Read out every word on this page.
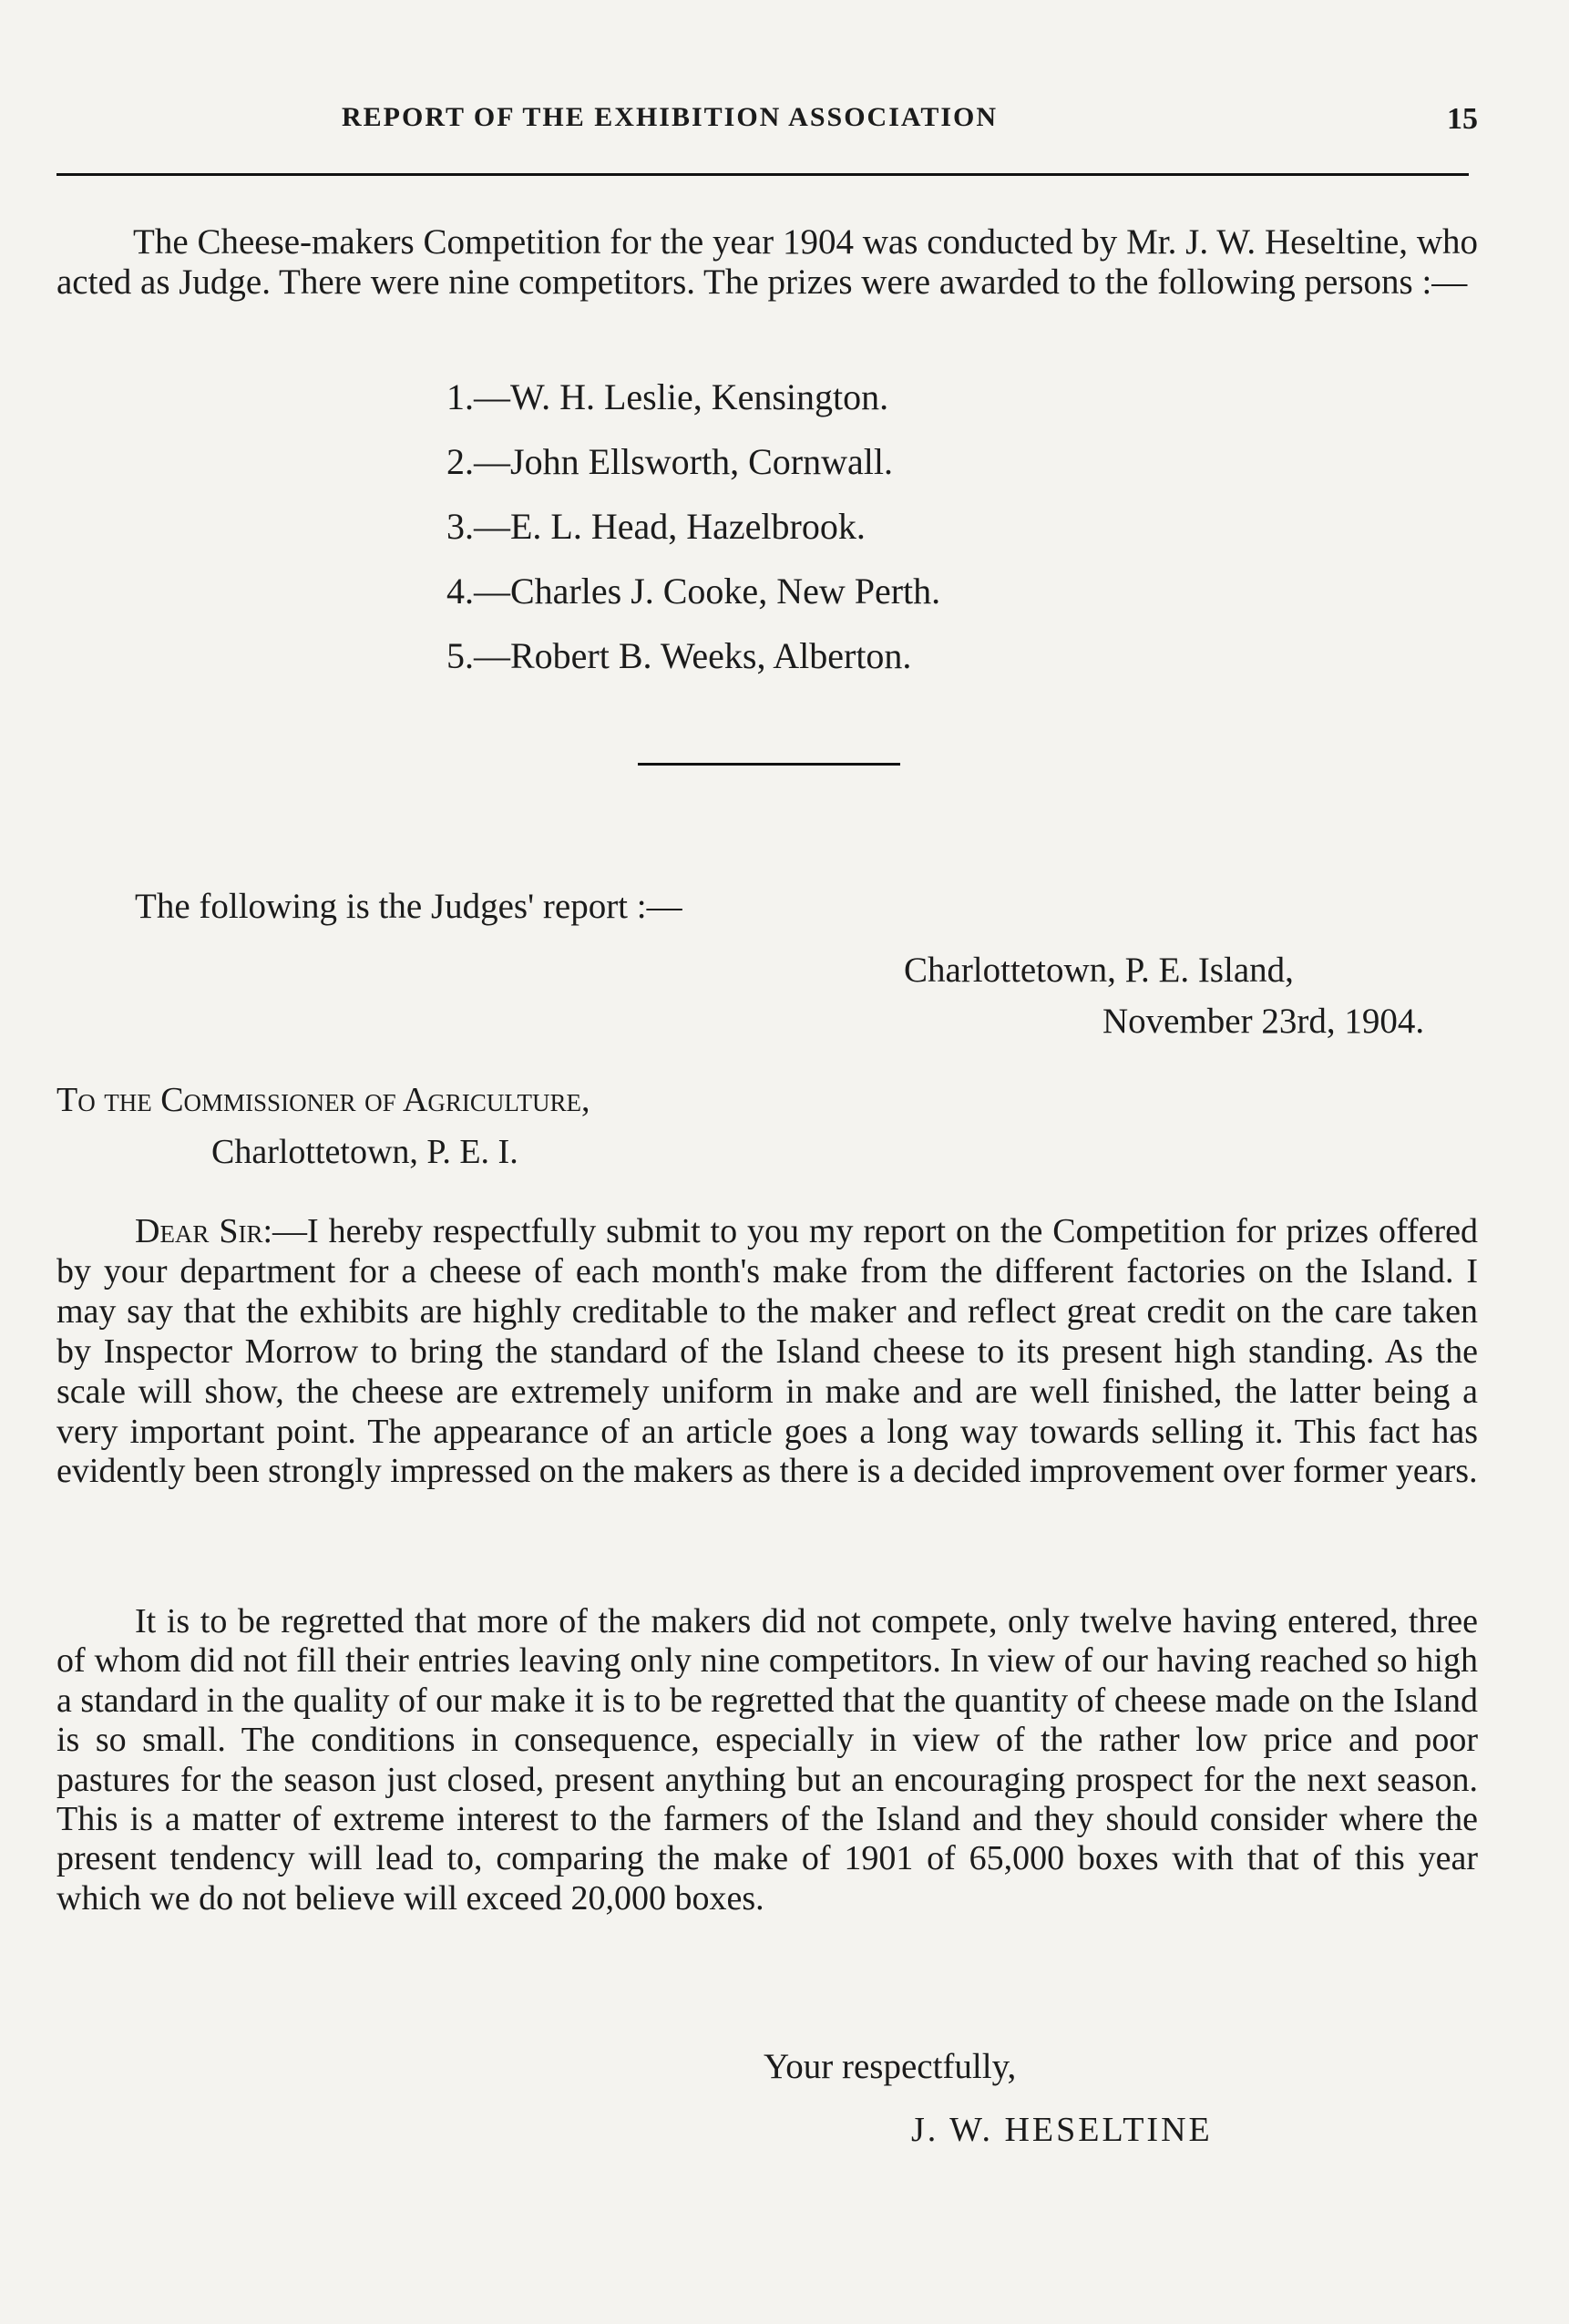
REPORT OF THE EXHIBITION ASSOCIATION	15

The Cheese-makers Competition for the year 1904 was conducted by Mr. J. W. Heseltine, who acted as Judge. There were nine competitors. The prizes were awarded to the following persons :—

1.—W. H. Leslie, Kensington.
2.—John Ellsworth, Cornwall.
3.—E. L. Head, Hazelbrook.
4.—Charles J. Cooke, New Perth.
5.—Robert B. Weeks, Alberton.
The following is the Judges' report :—
Charlottetown, P. E. Island,
November 23rd, 1904.
To the Commissioner of Agriculture,
Charlottetown, P. E. I.

Dear Sir:—I hereby respectfully submit to you my report on the Competition for prizes offered by your department for a cheese of each month's make from the different factories on the Island. I may say that the exhibits are highly creditable to the maker and reflect great credit on the care taken by Inspector Morrow to bring the standard of the Island cheese to its present high standing. As the scale will show, the cheese are extremely uniform in make and are well finished, the latter being a very important point. The appearance of an article goes a long way towards selling it. This fact has evidently been strongly impressed on the makers as there is a decided improvement over former years.

It is to be regretted that more of the makers did not compete, only twelve having entered, three of whom did not fill their entries leaving only nine competitors. In view of our having reached so high a standard in the quality of our make it is to be regretted that the quantity of cheese made on the Island is so small. The conditions in consequence, especially in view of the rather low price and poor pastures for the season just closed, present anything but an encouraging prospect for the next season. This is a matter of extreme interest to the farmers of the Island and they should consider where the present tendency will lead to, comparing the make of 1901 of 65,000 boxes with that of this year which we do not believe will exceed 20,000 boxes.

Your respectfully,
J. W. HESELTINE
